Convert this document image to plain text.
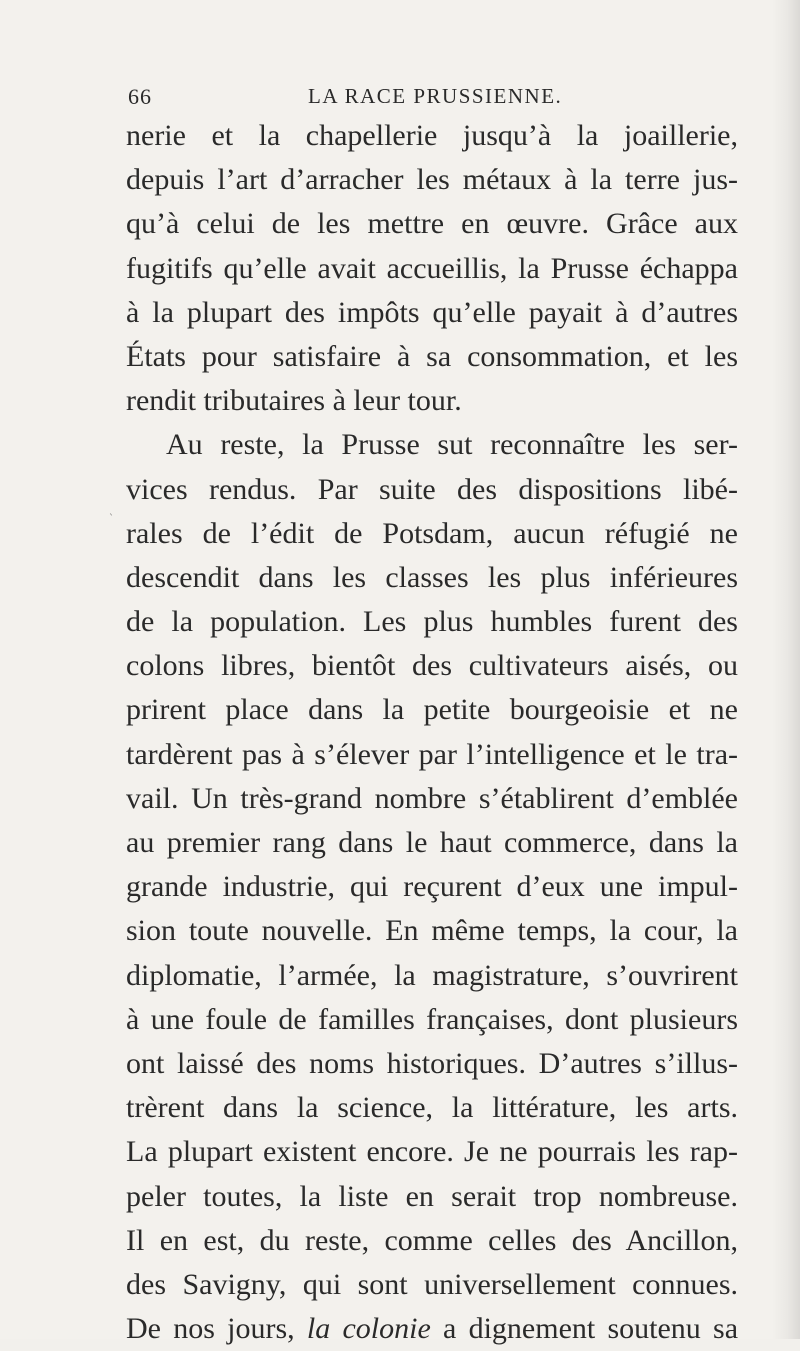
66	LA RACE PRUSSIENNE.
ˋ
nerie et la chapellerie jusqu’à la joaillerie,
depuis l’art d’arracher les métaux à la terre jus-
qu’à celui de les mettre en œuvre. Grâce aux
fugitifs qu’elle avait accueillis, la Prusse échappa
à la plupart des impôts qu’elle payait à d’autres
États pour satisfaire à sa consommation, et les
rendit tributaires à leur tour.
Au reste, la Prusse sut reconnaître les ser-
vices rendus. Par suite des dispositions libé-
rales de l’édit de Potsdam, aucun réfugié ne
descendit dans les classes les plus inférieures
de la population. Les plus humbles furent des
colons libres, bientôt des cultivateurs aisés, ou
prirent place dans la petite bourgeoisie et ne
tardèrent pas à s’élever par l’intelligence et le tra-
vail. Un très-grand nombre s’établirent d’emblée
au premier rang dans le haut commerce, dans la
grande industrie, qui reçurent d’eux une impul-
sion toute nouvelle. En même temps, la cour, la
diplomatie, l’armée, la magistrature, s’ouvrirent
à une foule de familles françaises, dont plusieurs
ont laissé des noms historiques. D’autres s’illus-
trèrent dans la science, la littérature, les arts.
La plupart existent encore. Je ne pourrais les rap-
peler toutes, la liste en serait trop nombreuse.
Il en est, du reste, comme celles des Ancillon,
des Savigny, qui sont universellement connues.
De nos jours, la colonie a dignement soutenu sa
